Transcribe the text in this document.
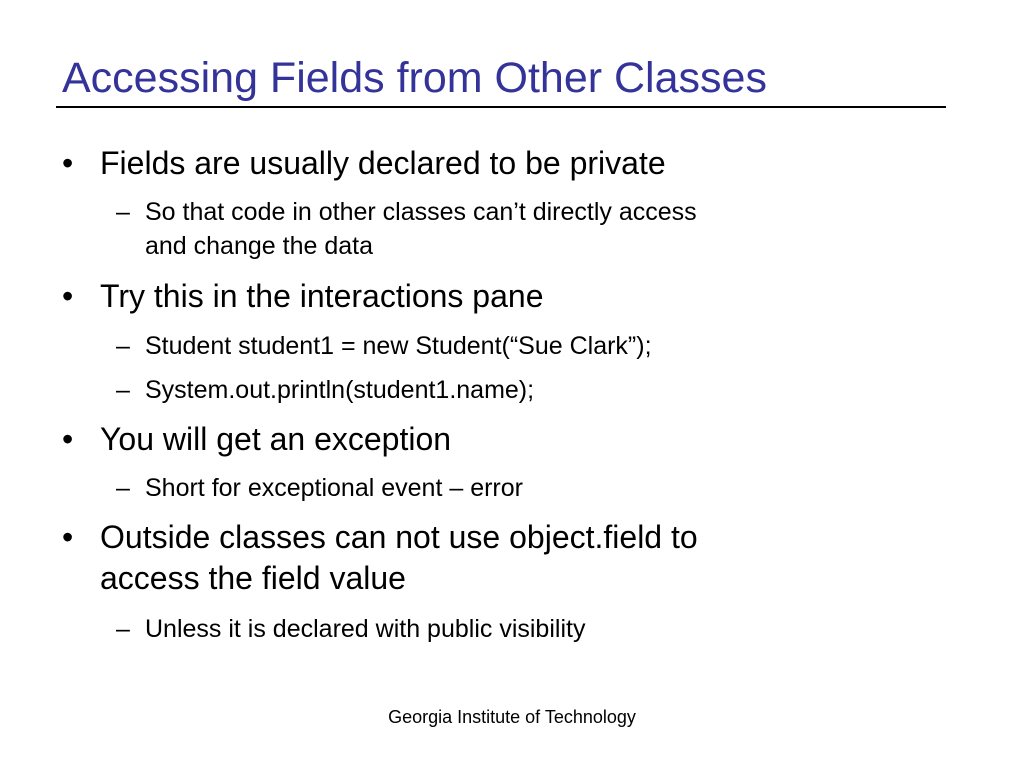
Accessing Fields from Other Classes
• Fields are usually declared to be private
– So that code in other classes can’t directly access
and change the data
• Try this in the interactions pane
– Student student1 = new Student(“Sue Clark”);
– System.out.println(student1.name);
• You will get an exception
– Short for exceptional event – error
• Outside classes can not use object.field to
access the field value
– Unless it is declared with public visibility
Georgia Institute of Technology
